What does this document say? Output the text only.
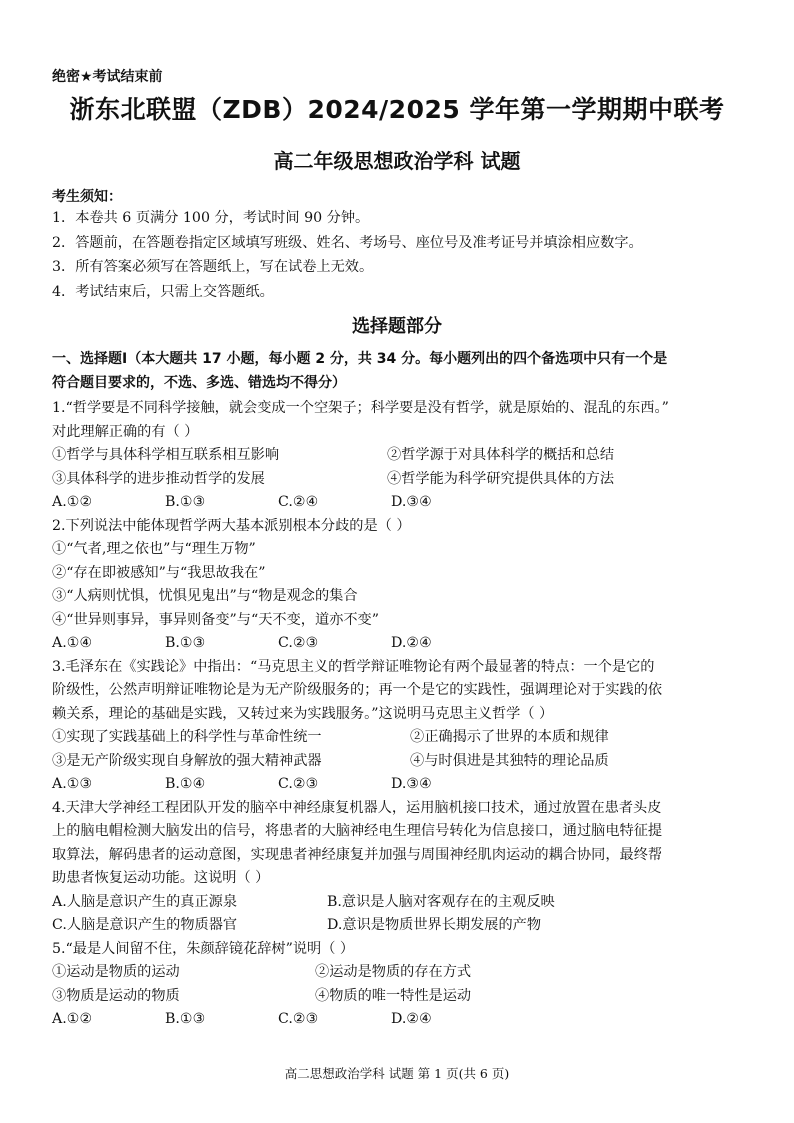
绝密★考试结束前
浙东北联盟（ZDB）2024/2025 学年第一学期期中联考
高二年级思想政治学科 试题
考生须知：
1．本卷共 6 页满分 100 分，考试时间 90 分钟。
2．答题前，在答题卷指定区域填写班级、姓名、考场号、座位号及准考证号并填涂相应数字。
3．所有答案必须写在答题纸上，写在试卷上无效。
4．考试结束后，只需上交答题纸。
选择题部分
一、选择题Ⅰ（本大题共 17 小题，每小题 2 分，共 34 分。每小题列出的四个备选项中只有一个是
符合题目要求的，不选、多选、错选均不得分）
1.“哲学要是不同科学接触，就会变成一个空架子；科学要是没有哲学，就是原始的、混乱的东西。”
对此理解正确的有（ ）
①哲学与具体科学相互联系相互影响	②哲学源于对具体科学的概括和总结
③具体科学的进步推动哲学的发展	④哲学能为科学研究提供具体的方法
A.①②	B.①③	C.②④	D.③④
2.下列说法中能体现哲学两大基本派别根本分歧的是（ ）
①“气者,理之依也”与“理生万物”
②“存在即被感知”与“我思故我在”
③“人病则忧惧，忧惧见鬼出”与“物是观念的集合
④“世异则事异，事异则备变”与“天不变，道亦不变”
A.①④	B.①③	C.②③	D.②④
3.毛泽东在《实践论》中指出：“马克思主义的哲学辩证唯物论有两个最显著的特点：一个是它的
阶级性，公然声明辩证唯物论是为无产阶级服务的；再一个是它的实践性，强调理论对于实践的依
赖关系，理论的基础是实践，又转过来为实践服务。”这说明马克思主义哲学（ ）
①实现了实践基础上的科学性与革命性统一	②正确揭示了世界的本质和规律
③是无产阶级实现自身解放的强大精神武器	④与时俱进是其独特的理论品质
A.①③	B.①④	C.②③	D.③④
4.天津大学神经工程团队开发的脑卒中神经康复机器人，运用脑机接口技术，通过放置在患者头皮
上的脑电帽检测大脑发出的信号，将患者的大脑神经电生理信号转化为信息接口，通过脑电特征提
取算法，解码患者的运动意图，实现患者神经康复并加强与周围神经肌肉运动的耦合协同，最终帮
助患者恢复运动功能。这说明（ ）
A.人脑是意识产生的真正源泉	B.意识是人脑对客观存在的主观反映
C.人脑是意识产生的物质器官	D.意识是物质世界长期发展的产物
5.“最是人间留不住，朱颜辞镜花辞树”说明（ ）
①运动是物质的运动	②运动是物质的存在方式
③物质是运动的物质	④物质的唯一特性是运动
A.①②	B.①③	C.②③	D.②④
高二思想政治学科 试题 第 1 页(共 6 页)
